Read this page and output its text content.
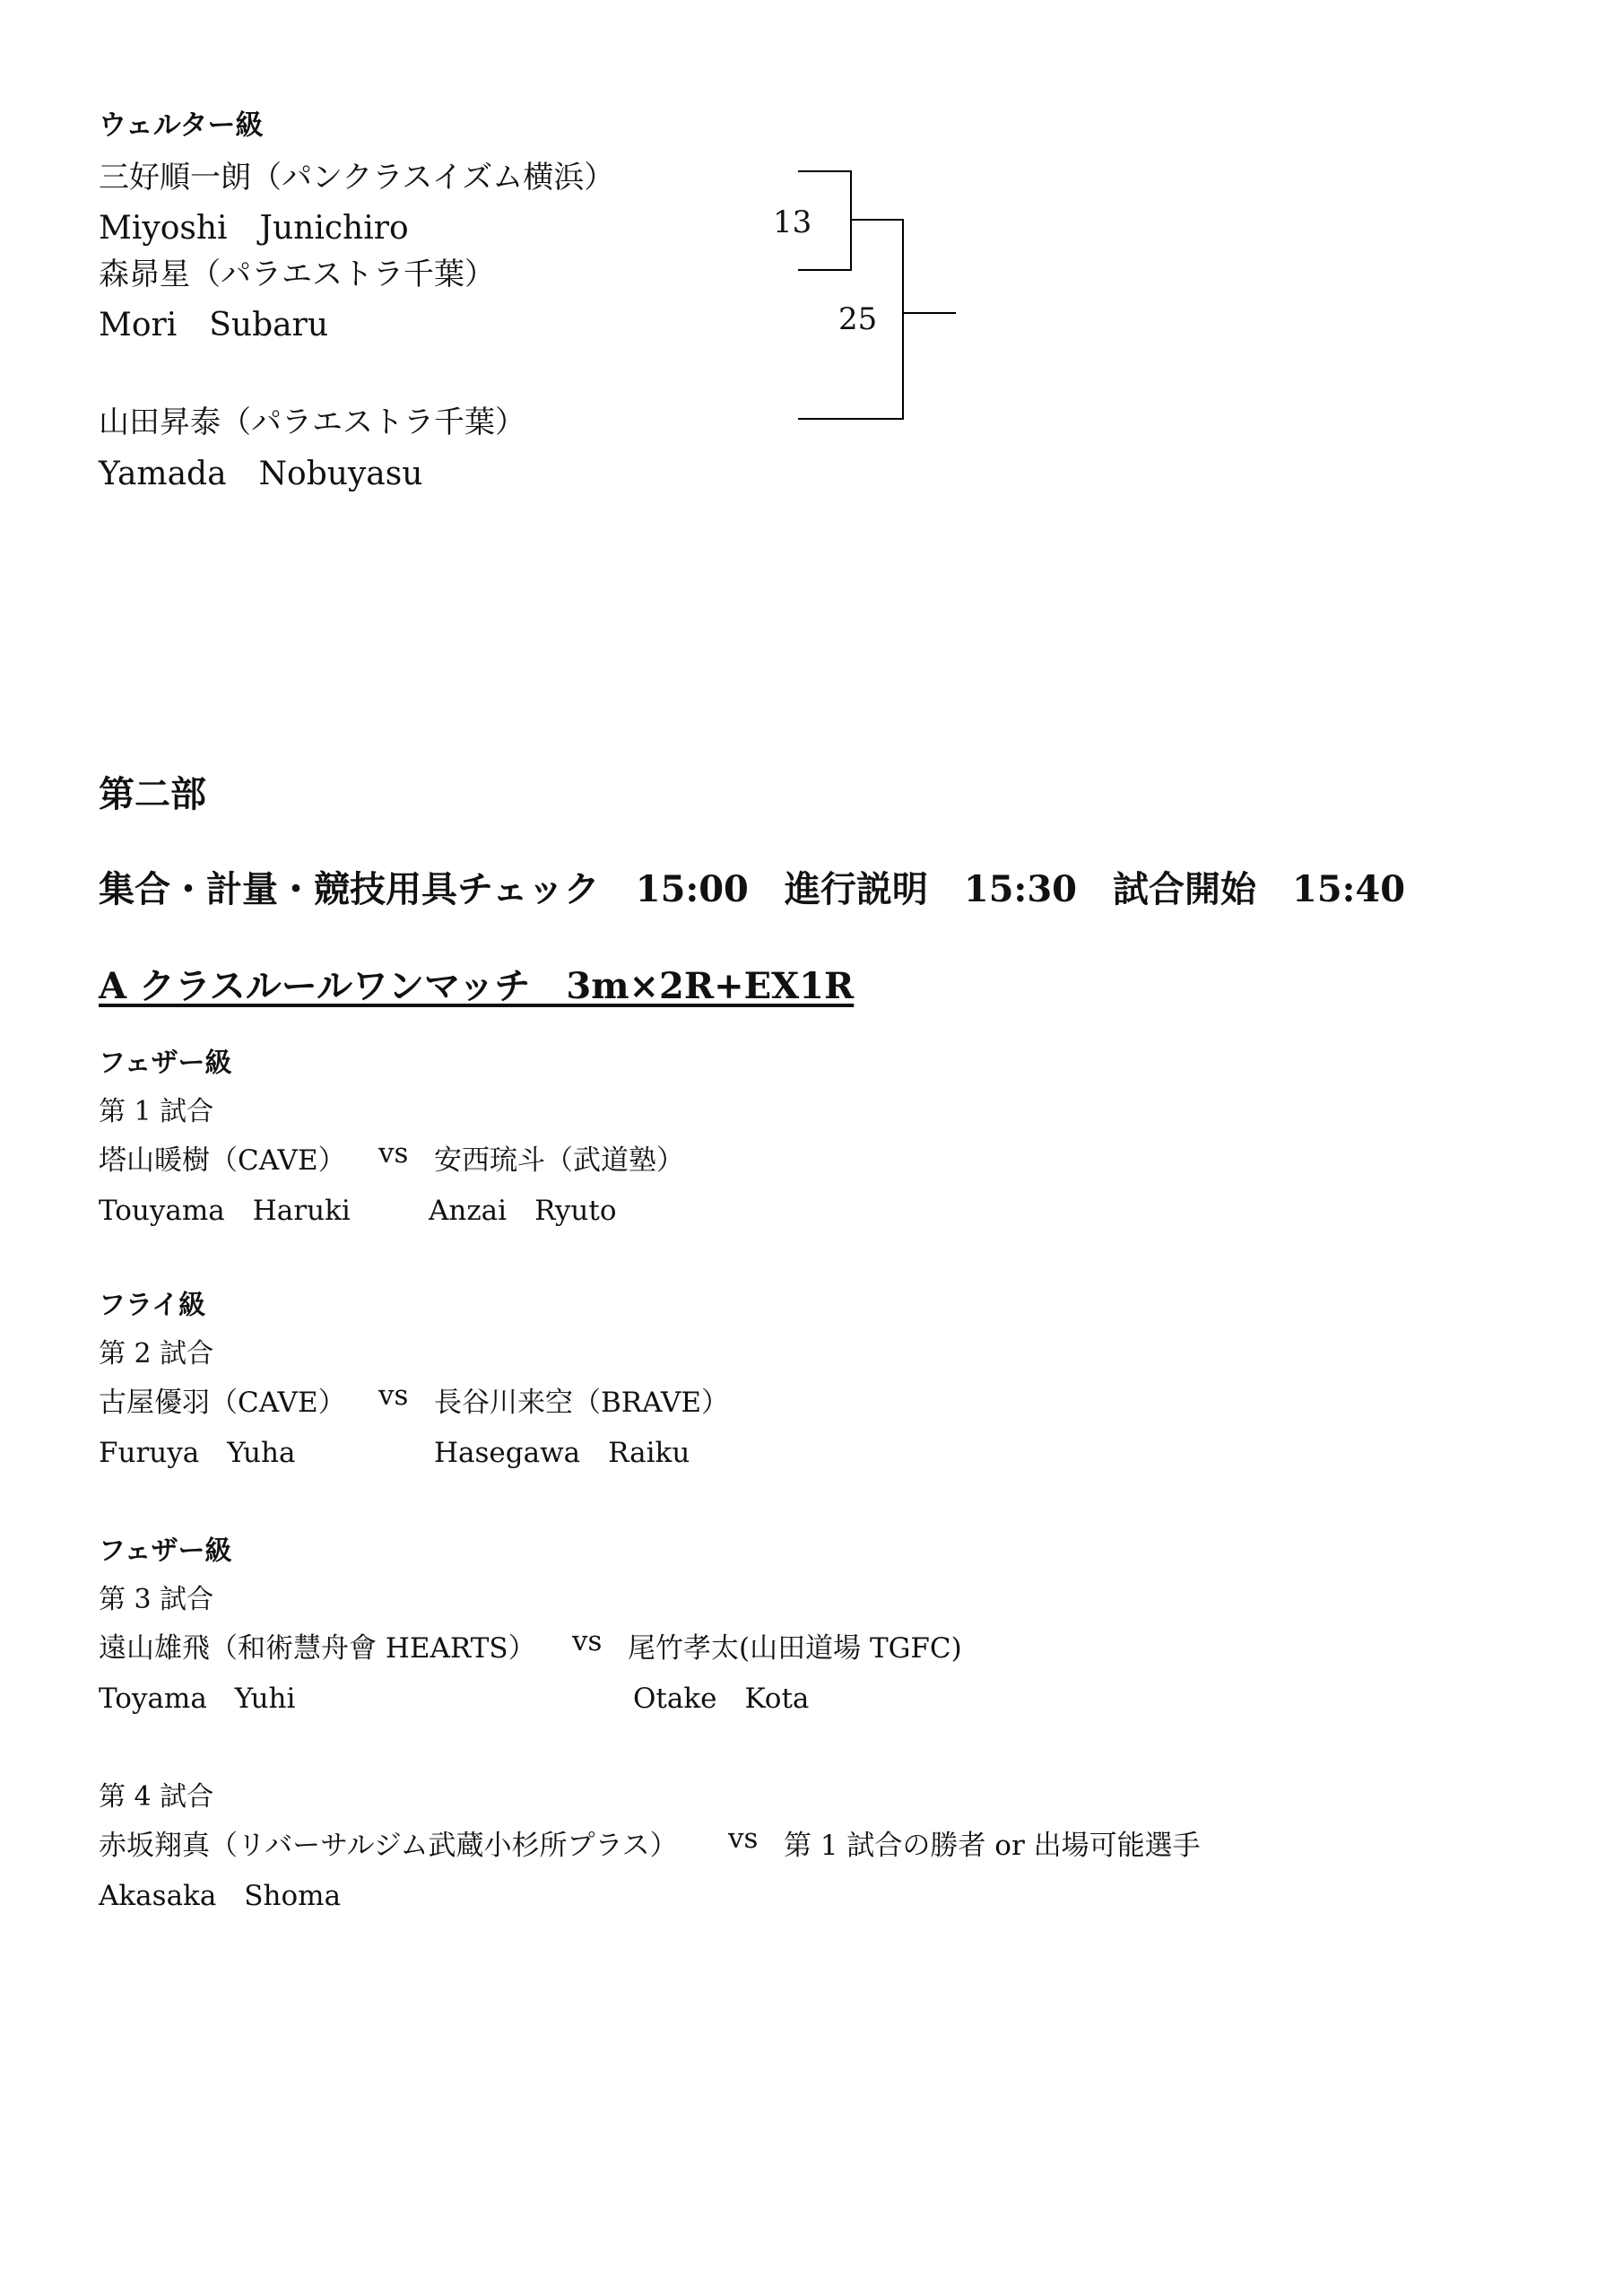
ウェルター級
三好順一朗（パンクラスイズム横浜）
Miyoshi　Junichiro
森昴星（パラエストラ千葉）
Mori　Subaru
山田昇泰（パラエストラ千葉）
Yamada　Nobuyasu
13
25
第二部
集合・計量・競技用具チェック　15:00　進行説明　15:30　試合開始　15:40
A クラスルールワンマッチ　3m×2R+EX1R
フェザー級
第 1 試合
塔山暖樹（CAVE） vs 安西琉斗（武道塾）
Touyama　Haruki	Anzai　Ryuto
フライ級
第 2 試合
古屋優羽（CAVE） vs 長谷川来空（BRAVE）
Furuya　Yuha	Hasegawa　Raiku
フェザー級
第 3 試合
遠山雄飛（和術慧舟會 HEARTS） vs 尾竹孝太(山田道場 TGFC)
Toyama　Yuhi	Otake　Kota
第 4 試合
赤坂翔真（リバーサルジム武蔵小杉所プラス） vs 第 1 試合の勝者 or 出場可能選手
Akasaka　Shoma
